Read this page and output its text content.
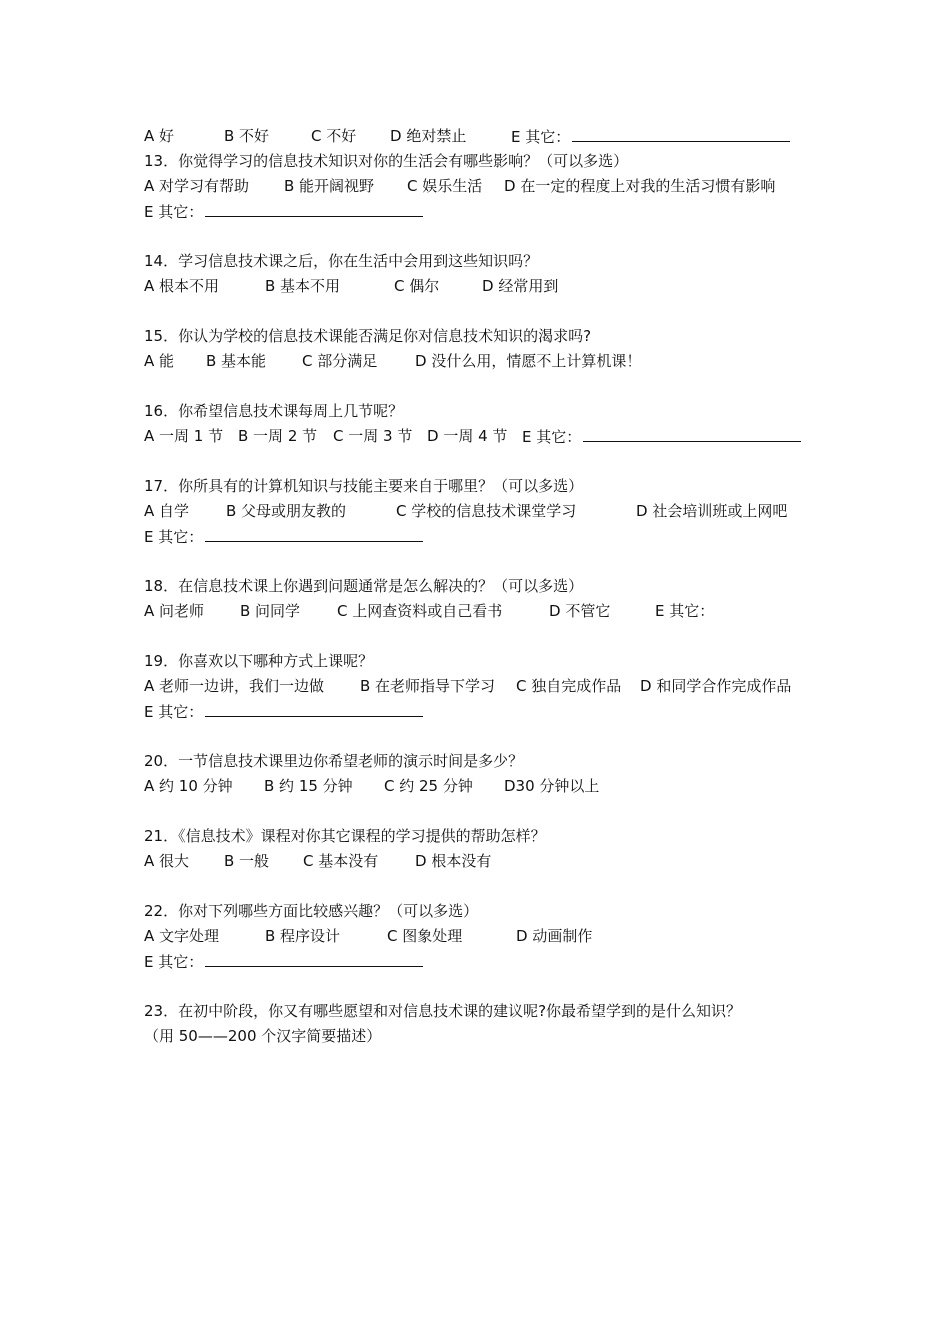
A 好	B 不好	C 不好 D 绝对禁止	E 其它：
13．你觉得学习的信息技术知识对你的生活会有哪些影响？（可以多选）
A 对学习有帮助 B 能开阔视野 C 娱乐生活 D 在一定的程度上对我的生活习惯有影响
E 其它：
14．学习信息技术课之后，你在生活中会用到这些知识吗？
A 根本不用	B 基本不用	C 偶尔	D 经常用到
15．你认为学校的信息技术课能否满足你对信息技术知识的渴求吗?
A 能 B 基本能 C 部分满足	D 没什么用，情愿不上计算机课！
16．你希望信息技术课每周上几节呢？
A 一周 1 节 B 一周 2 节 C 一周 3 节 D 一周 4 节 E 其它：
17．你所具有的计算机知识与技能主要来自于哪里？（可以多选）
A 自学 B 父母或朋友教的	C 学校的信息技术课堂学习	D 社会培训班或上网吧
E 其它：
18．在信息技术课上你遇到问题通常是怎么解决的？（可以多选）
A 问老师 B 问同学 C 上网查资料或自己看书	D 不管它	E 其它：
19．你喜欢以下哪种方式上课呢？
A 老师一边讲，我们一边做 B 在老师指导下学习 C 独自完成作品 D 和同学合作完成作品
E 其它：
20．一节信息技术课里边你希望老师的演示时间是多少？
A 约 10 分钟 B 约 15 分钟 C 约 25 分钟 D30 分钟以上
21．《信息技术》课程对你其它课程的学习提供的帮助怎样？
A 很大 B 一般 C 基本没有 D 根本没有
22．你对下列哪些方面比较感兴趣？（可以多选）
A 文字处理	B 程序设计	C 图象处理	D 动画制作
E 其它：
23．在初中阶段，你又有哪些愿望和对信息技术课的建议呢?你最希望学到的是什么知识？
（用 50——200 个汉字简要描述）
